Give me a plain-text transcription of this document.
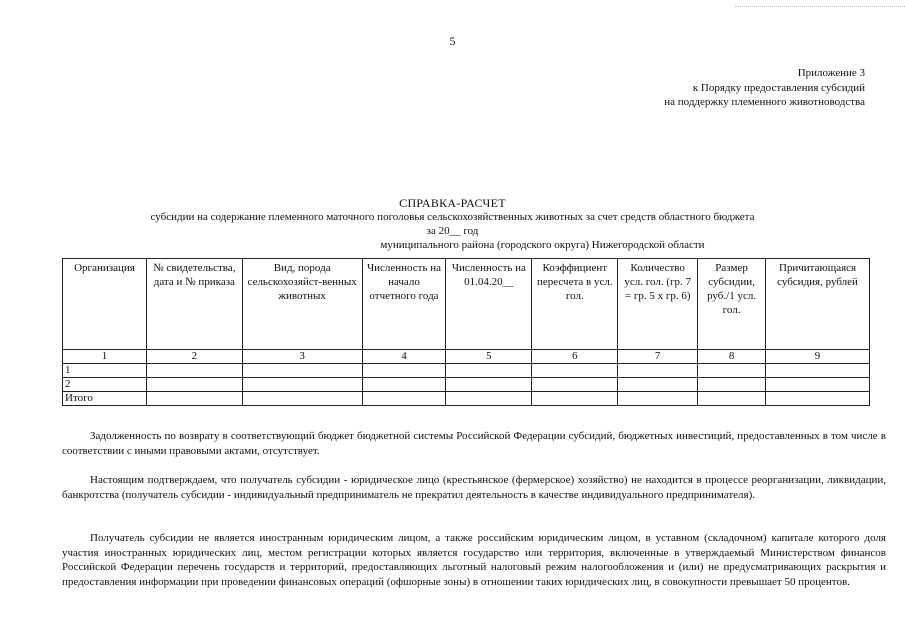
5
Приложение 3
к Порядку предоставления субсидий
на поддержку племенного животноводства
СПРАВКА-РАСЧЕТ
субсидии на содержание племенного маточного поголовья сельскохозяйственных животных за счет средств областного бюджета
за 20__ год
муниципального района (городского округа) Нижегородской области
Организация	№ свидетельства, дата и № приказа	Вид, порода сельскохозяйст-венных животных	Численность на начало отчетного года	Численность на 01.04.20__	Коэффициент пересчета в усл. гол.	Количество усл. гол. (гр. 7 = гр. 5 х гр. 6)	Размер субсидии, руб./1 усл. гол.	Причитающаяся субсидия, рублей
1	2	3	4	5	6	7	8	9
1								
2								
Итого								
Задолженность по возврату в соответствующий бюджет бюджетной системы Российской Федерации субсидий, бюджетных инвестиций, предоставленных в том числе в соответствии с иными правовыми актами, отсутствует.
Настоящим подтверждаем, что получатель субсидии - юридическое лицо (крестьянское (фермерское) хозяйство) не находится в процессе реорганизации, ликвидации, банкротства (получатель субсидии - индивидуальный предприниматель не прекратил деятельность в качестве индивидуального предпринимателя).
Получатель субсидии не является иностранным юридическим лицом, а также российским юридическим лицом, в уставном (складочном) капитале которого доля участия иностранных юридических лиц, местом регистрации которых является государство или территория, включенные в утверждаемый Министерством финансов Российской Федерации перечень государств и территорий, предоставляющих льготный налоговый режим налогообложения и (или) не предусматривающих раскрытия и предоставления информации при проведении финансовых операций (офшорные зоны) в отношении таких юридических лиц, в совокупности превышает 50 процентов.
